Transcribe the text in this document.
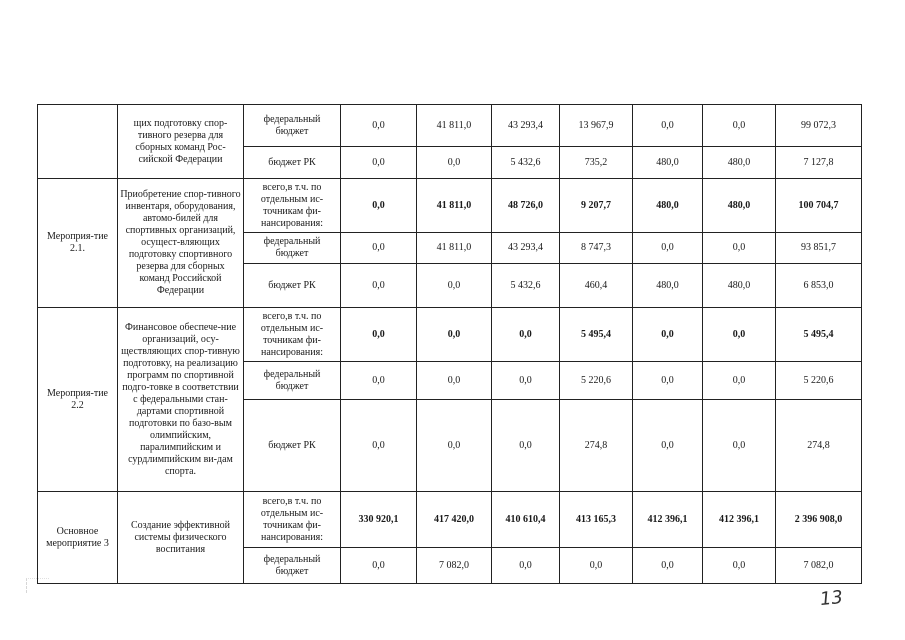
	щих подготовку спор-тивного резерва для сборных команд Рос-сийской Федерации	федеральный бюджет	0,0	41 811,0	43 293,4	13 967,9	0,0	0,0	99 072,3
		бюджет РК	0,0	0,0	5 432,6	735,2	480,0	480,0	7 127,8
Мероприя-тие 2.1.	Приобретение спор-тивного инвентаря, оборудования, автомо-билей для спортивных организаций, осущест-вляющих подготовку спортивного резерва для сборных команд Российской Федерации	всего,в т.ч. по отдельным ис-точникам фи-нансирования:	0,0	41 811,0	48 726,0	9 207,7	480,0	480,0	100 704,7
		федеральный бюджет	0,0	41 811,0	43 293,4	8 747,3	0,0	0,0	93 851,7
		бюджет РК	0,0	0,0	5 432,6	460,4	480,0	480,0	6 853,0
Мероприя-тие 2.2	Финансовое обеспече-ние организаций, осу-ществляющих спор-тивную подготовку, на реализацию программ по спортивной подго-товке в соответствии с федеральными стан-дартами спортивной подготовки по базо-вым олимпийским, паралимпийским и сурдлимпийским ви-дам спорта.	всего,в т.ч. по отдельным ис-точникам фи-нансирования:	0,0	0,0	0,0	5 495,4	0,0	0,0	5 495,4
		федеральный бюджет	0,0	0,0	0,0	5 220,6	0,0	0,0	5 220,6
		бюджет РК	0,0	0,0	0,0	274,8	0,0	0,0	274,8
Основное мероприятие 3	Создание эффективной системы физического воспитания	всего,в т.ч. по отдельным ис-точникам фи-нансирования:	330 920,1	417 420,0	410 610,4	413 165,3	412 396,1	412 396,1	2 396 908,0
		федеральный бюджет	0,0	7 082,0	0,0	0,0	0,0	0,0	7 082,0
13
